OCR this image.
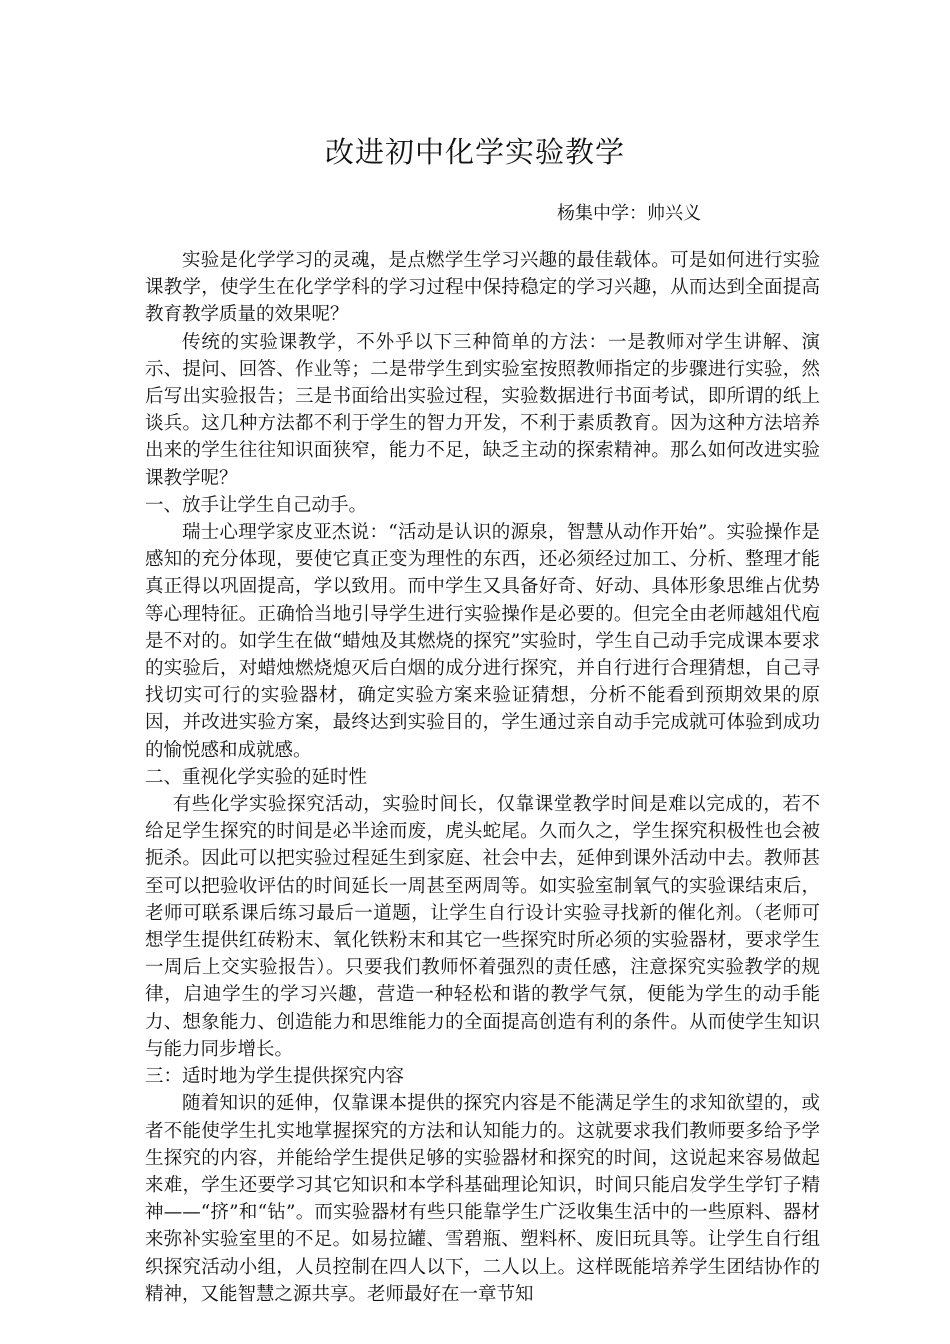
改进初中化学实验教学
杨集中学：帅兴义

实验是化学学习的灵魂，是点燃学生学习兴趣的最佳载体。可是如何进行实验课教学，使学生在化学学科的学习过程中保持稳定的学习兴趣，从而达到全面提高教育教学质量的效果呢？

传统的实验课教学，不外乎以下三种简单的方法：一是教师对学生讲解、演示、提问、回答、作业等；二是带学生到实验室按照教师指定的步骤进行实验，然后写出实验报告；三是书面给出实验过程，实验数据进行书面考试，即所谓的纸上谈兵。这几种方法都不利于学生的智力开发，不利于素质教育。因为这种方法培养出来的学生往往知识面狭窄，能力不足，缺乏主动的探索精神。那么如何改进实验课教学呢？

一、放手让学生自己动手。

瑞士心理学家皮亚杰说：“活动是认识的源泉，智慧从动作开始”。实验操作是感知的充分体现，要使它真正变为理性的东西，还必须经过加工、分析、整理才能真正得以巩固提高，学以致用。而中学生又具备好奇、好动、具体形象思维占优势等心理特征。正确恰当地引导学生进行实验操作是必要的。但完全由老师越俎代庖是不对的。如学生在做“蜡烛及其燃烧的探究”实验时，学生自己动手完成课本要求的实验后，对蜡烛燃烧熄灭后白烟的成分进行探究，并自行进行合理猜想，自己寻找切实可行的实验器材，确定实验方案来验证猜想，分析不能看到预期效果的原因，并改进实验方案，最终达到实验目的，学生通过亲自动手完成就可体验到成功的愉悦感和成就感。

二、重视化学实验的延时性

有些化学实验探究活动，实验时间长，仅靠课堂教学时间是难以完成的，若不给足学生探究的时间是必半途而废，虎头蛇尾。久而久之，学生探究积极性也会被扼杀。因此可以把实验过程延生到家庭、社会中去，延伸到课外活动中去。教师甚至可以把验收评估的时间延长一周甚至两周等。如实验室制氧气的实验课结束后，老师可联系课后练习最后一道题，让学生自行设计实验寻找新的催化剂。（老师可想学生提供红砖粉末、氧化铁粉末和其它一些探究时所必须的实验器材，要求学生一周后上交实验报告）。只要我们教师怀着强烈的责任感，注意探究实验教学的规律，启迪学生的学习兴趣，营造一种轻松和谐的教学气氛，便能为学生的动手能力、想象能力、创造能力和思维能力的全面提高创造有利的条件。从而使学生知识与能力同步增长。

三：适时地为学生提供探究内容

随着知识的延伸，仅靠课本提供的探究内容是不能满足学生的求知欲望的，或者不能使学生扎实地掌握探究的方法和认知能力的。这就要求我们教师要多给予学生探究的内容，并能给学生提供足够的实验器材和探究的时间，这说起来容易做起来难，学生还要学习其它知识和本学科基础理论知识，时间只能启发学生学钉子精神——“挤”和“钻”。而实验器材有些只能靠学生广泛收集生活中的一些原料、器材来弥补实验室里的不足。如易拉罐、雪碧瓶、塑料杯、废旧玩具等。让学生自行组织探究活动小组，人员控制在四人以下，二人以上。这样既能培养学生团结协作的精神，又能智慧之源共享。老师最好在一章节知
